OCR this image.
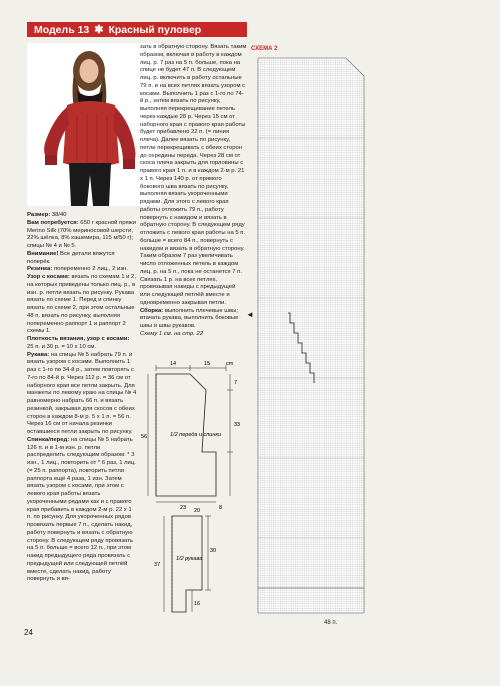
Модель 13 ✱ Красный пуловер

Размер: 38/40

Вам потребуется: 650 г красной пряжи Merino Silk (70% мериносовой шерсти, 22% шёлка, 8% кашемира, 115 м/50 г); спицы № 4 и № 5.

Внимание! Все детали вяжутся поперёк.

Резинка: попеременно 2 лиц., 2 изн.

Узор с косами: вязать по схемам 1 и 2, на которых приведены только лиц. р., в изн. р. петли вязать по рисунку. Рукава вязать по схеме 1. Перед и спинку вязать по схеме 2, при этом остальные 48 п. вязать по рисунку, выполняя попеременно раппорт 1 и раппорт 2 схемы 1.

Плотность вязания, узор с косами: 25 п. и 30 р. = 10 х 10 см.

Рукава: на спицы № 5 набрать 79 п. и вязать узором с косами. Выполнить 1 раз с 1-го по 34-й р., затем повторять с 7-го по 84-й р. Через 112 р. = 36 см от наборного края все петли закрыть. Для манжеты по левому краю на спицы № 4 равномерно набрать 66 п. и вязать резинкой, закрывая для скосов с обеих сторон в каждом 8-м р. 5 х 1 п. = 56 п. Через 16 см от начала резинки оставшиеся петли закрыть по рисунку.

Спинка/перед: на спицы № 5 набрать 126 п. и в 1-м изн. р. петли распределить следующим образом: * 3 изн., 1 лиц., повторить от * 6 раз, 1 лиц. (= 25 п. раппорта), повторить петли раппорта ещё 4 раза, 1 изн. Затем вязать узором с косами, при этом с левого края работы вязать укороченными рядами как и с правого края прибавить в каждом 2-м р. 22 х 1 п. по рисунку. Для укороченных рядов провязать первые 7 п., сделать накид, работу повернуть и вязать с обратную сторону. В следующем ряду провязать на 5 п. больше = всего 12 п., при этом накид предыдущего ряда провязать с предыдущей или следующей петлёй вместе, сделать накид, работу повернуть и вя-

зать в обратную сторону. Вязать таким образом, включая в работу в каждом лиц. р. 7 раз на 5 п. больше, пока на спице не будет 47 п. В следующем лиц. р. включить в работу остальные 79 п. и на всех петлях вязать узором с косами. Выполнить 1 раз с 1-го по 74-й р., затем вязать по рисунку, выполняя перекрещивание петель через каждые 28 р. Через 15 см от наборного края с правого края работы будет прибавлено 22 п. (= линия плеча). Далее вязать по рисунку, петли перекрещивать с обеих сторон до середины переда. Через 28 см от скоса плеча закрыть для горловины с правого края 1 п. и в каждом 2-м р. 21 х 1 п. Через 140 р. от прямого бокового шва вязать по рисунку, выполняя вязать укороченными рядами. Для этого с левого края работы отложить 79 п., работу повернуть с накидом и вязать в обратную сторону. В следующем ряду отложить с левого края работы на 5 п. больше = всего 84 п., повернуть с накидом и вязать в обратную сторону. Таким образом 7 раз увеличивать число отложенных петель в каждом лиц. р. на 5 п., пока не останется 7 п. Связать 1 р. на всех петлях, провязывая накиды с предыдущей или следующей петлёй вместе и одновременно закрывая петли.

Сборка: выполнить плечевые швы; втачать рукава, выполнить боковые швы и швы рукавов.

Схему 1 см. на стр. 22

14	15	cm
7
56
33
23	8
1/2 переда и спинки
30
20
37
16
1/2 рукава
СХЕМА 2
◄
48 п.
24
